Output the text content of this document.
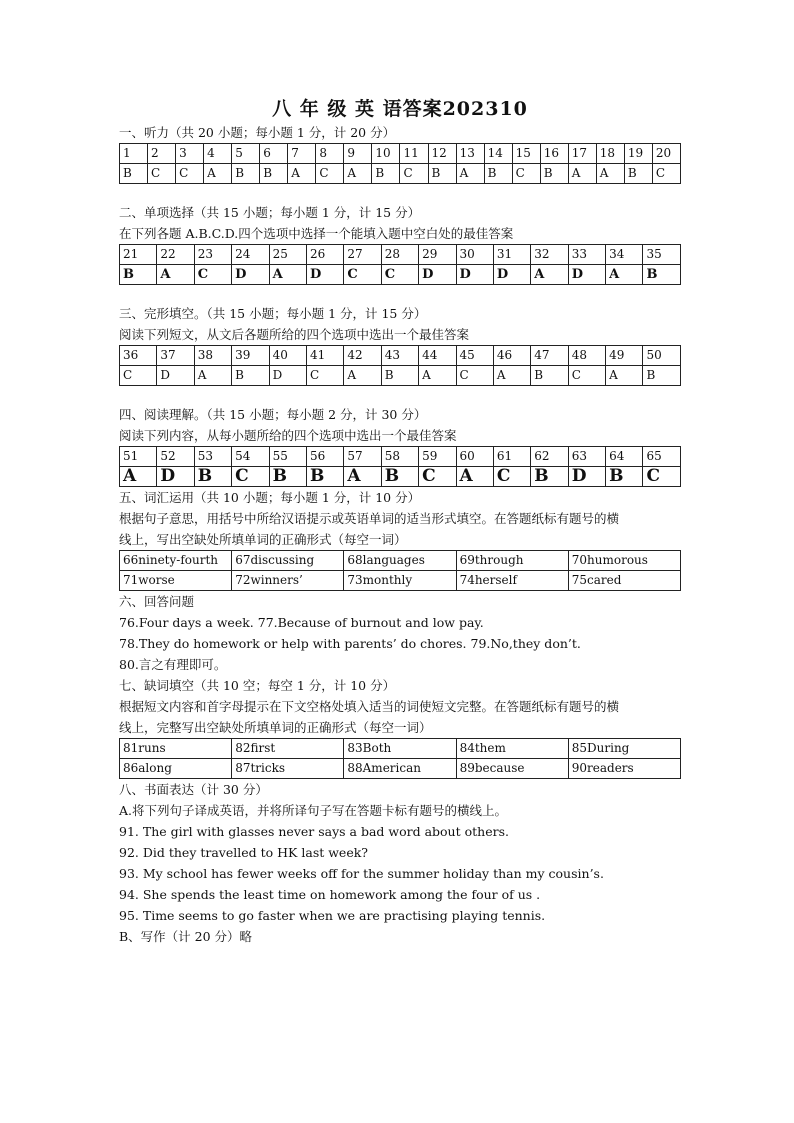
八 年 级 英 语答案202310
一、听力（共 20 小题；每小题 1 分，计 20 分）
1	2	3	4	5	6	7	8	9	10	11	12	13	14	15	16	17	18	19	20
B	C	C	A	B	B	A	C	A	B	C	B	A	B	C	B	A	A	B	C
二、单项选择（共 15 小题；每小题 1 分，计 15 分）
在下列各题 A.B.C.D.四个选项中选择一个能填入题中空白处的最佳答案
21	22	23	24	25	26	27	28	29	30	31	32	33	34	35
B	A	C	D	A	D	C	C	D	D	D	A	D	A	B
三、完形填空。（共 15 小题；每小题 1 分，计 15 分）
阅读下列短文，从文后各题所给的四个选项中选出一个最佳答案
36	37	38	39	40	41	42	43	44	45	46	47	48	49	50
C	D	A	B	D	C	A	B	A	C	A	B	C	A	B
四、阅读理解。（共 15 小题；每小题 2 分，计 30 分）
阅读下列内容，从每小题所给的四个选项中选出一个最佳答案
51	52	53	54	55	56	57	58	59	60	61	62	63	64	65
A	D	B	C	B	B	A	B	C	A	C	B	D	B	C
五、词汇运用（共 10 小题；每小题 1 分，计 10 分）
根据句子意思，用括号中所给汉语提示或英语单词的适当形式填空。在答题纸标有题号的横
线上，写出空缺处所填单词的正确形式（每空一词）
66ninety-fourth	67discussing	68languages	69through	70humorous
71worse	72winners’	73monthly	74herself	75cared
六、回答问题
76.Four days a week. 77.Because of burnout and low pay.
78.They do homework or help with parents’ do chores. 79.No,they don’t.
80.言之有理即可。
七、缺词填空（共 10 空；每空 1 分，计 10 分）
根据短文内容和首字母提示在下文空格处填入适当的词使短文完整。在答题纸标有题号的横
线上，完整写出空缺处所填单词的正确形式（每空一词）
81runs	82first	83Both	84them	85During
86along	87tricks	88American	89because	90readers
八、书面表达（计 30 分）
A.将下列句子译成英语，并将所译句子写在答题卡标有题号的横线上。
91. The girl with glasses never says a bad word about others.
92. Did they travelled to HK last week?
93. My school has fewer weeks off for the summer holiday than my cousin’s.
94. She spends the least time on homework among the four of us .
95. Time seems to go faster when we are practising playing tennis.
B、写作（计 20 分）略
